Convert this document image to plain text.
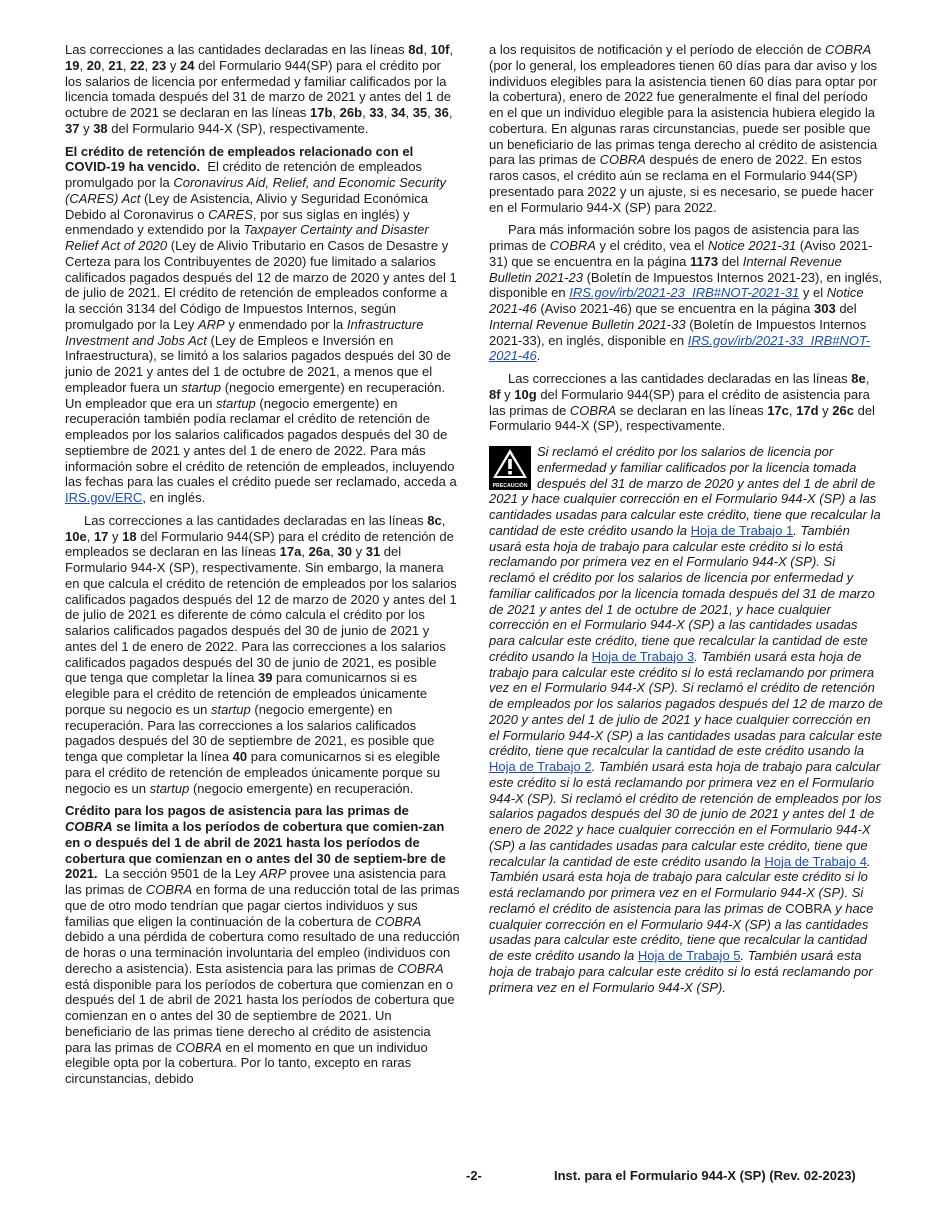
Las correcciones a las cantidades declaradas en las líneas 8d, 10f, 19, 20, 21, 22, 23 y 24 del Formulario 944(SP) para el crédito por los salarios de licencia por enfermedad y familiar calificados por la licencia tomada después del 31 de marzo de 2021 y antes del 1 de octubre de 2021 se declaran en las líneas 17b, 26b, 33, 34, 35, 36, 37 y 38 del Formulario 944-X (SP), respectivamente.

El crédito de retención de empleados relacionado con el COVID-19 ha vencido.  El crédito de retención de empleados promulgado por la Coronavirus Aid, Relief, and Economic Security (CARES) Act (Ley de Asistencia, Alivio y Seguridad Económica Debido al Coronavirus o CARES, por sus siglas en inglés) y enmendado y extendido por la Taxpayer Certainty and Disaster Relief Act of 2020 (Ley de Alivio Tributario en Casos de Desastre y Certeza para los Contribuyentes de 2020) fue limitado a salarios calificados pagados después del 12 de marzo de 2020 y antes del 1 de julio de 2021. El crédito de retención de empleados conforme a la sección 3134 del Código de Impuestos Internos, según promulgado por la Ley ARP y enmendado por la Infrastructure Investment and Jobs Act (Ley de Empleos e Inversión en Infraestructura), se limitó a los salarios pagados después del 30 de junio de 2021 y antes del 1 de octubre de 2021, a menos que el empleador fuera un startup (negocio emergente) en recuperación. Un empleador que era un startup (negocio emergente) en recuperación también podía reclamar el crédito de retención de empleados por los salarios calificados pagados después del 30 de septiembre de 2021 y antes del 1 de enero de 2022. Para más información sobre el crédito de retención de empleados, incluyendo las fechas para las cuales el crédito puede ser reclamado, acceda a IRS.gov/ERC, en inglés.

Las correcciones a las cantidades declaradas en las líneas 8c, 10e, 17 y 18 del Formulario 944(SP) para el crédito de retención de empleados se declaran en las líneas 17a, 26a, 30 y 31 del Formulario 944-X (SP), respectivamente. Sin embargo, la manera en que calcula el crédito de retención de empleados por los salarios calificados pagados después del 12 de marzo de 2020 y antes del 1 de julio de 2021 es diferente de cómo calcula el crédito por los salarios calificados pagados después del 30 de junio de 2021 y antes del 1 de enero de 2022. Para las correcciones a los salarios calificados pagados después del 30 de junio de 2021, es posible que tenga que completar la línea 39 para comunicarnos si es elegible para el crédito de retención de empleados únicamente porque su negocio es un startup (negocio emergente) en recuperación. Para las correcciones a los salarios calificados pagados después del 30 de septiembre de 2021, es posible que tenga que completar la línea 40 para comunicarnos si es elegible para el crédito de retención de empleados únicamente porque su negocio es un startup (negocio emergente) en recuperación.

Crédito para los pagos de asistencia para las primas de COBRA se limita a los períodos de cobertura que comien-zan en o después del 1 de abril de 2021 hasta los períodos de cobertura que comienzan en o antes del 30 de septiem-bre de 2021.  La sección 9501 de la Ley ARP provee una asistencia para las primas de COBRA en forma de una reducción total de las primas que de otro modo tendrían que pagar ciertos individuos y sus familias que eligen la continuación de la cobertura de COBRA debido a una pérdida de cobertura como resultado de una reducción de horas o una terminación involuntaria del empleo (individuos con derecho a asistencia). Esta asistencia para las primas de COBRA está disponible para los períodos de cobertura que comienzan en o después del 1 de abril de 2021 hasta los períodos de cobertura que comienzan en o antes del 30 de septiembre de 2021. Un beneficiario de las primas tiene derecho al crédito de asistencia para las primas de COBRA en el momento en que un individuo elegible opta por la cobertura. Por lo tanto, excepto en raras circunstancias, debido

a los requisitos de notificación y el período de elección de COBRA (por lo general, los empleadores tienen 60 días para dar aviso y los individuos elegibles para la asistencia tienen 60 días para optar por la cobertura), enero de 2022 fue generalmente el final del período en el que un individuo elegible para la asistencia hubiera elegido la cobertura. En algunas raras circunstancias, puede ser posible que un beneficiario de las primas tenga derecho al crédito de asistencia para las primas de COBRA después de enero de 2022. En estos raros casos, el crédito aún se reclama en el Formulario 944(SP) presentado para 2022 y un ajuste, si es necesario, se puede hacer en el Formulario 944-X (SP) para 2022.

Para más información sobre los pagos de asistencia para las primas de COBRA y el crédito, vea el Notice 2021-31 (Aviso 2021-31) que se encuentra en la página 1173 del Internal Revenue Bulletin 2021-23 (Boletín de Impuestos Internos 2021-23), en inglés, disponible en IRS.gov/irb/2021-23_IRB#NOT-2021-31 y el Notice 2021-46 (Aviso 2021-46) que se encuentra en la página 303 del Internal Revenue Bulletin 2021-33 (Boletín de Impuestos Internos 2021-33), en inglés, disponible en IRS.gov/irb/2021-33_IRB#NOT-2021-46.

Las correcciones a las cantidades declaradas en las líneas 8e, 8f y 10g del Formulario 944(SP) para el crédito de asistencia para las primas de COBRA se declaran en las líneas 17c, 17d y 26c del Formulario 944-X (SP), respectivamente.

PRECAUCIÓN

Si reclamó el crédito por los salarios de licencia por enfermedad y familiar calificados por la licencia tomada después del 31 de marzo de 2020 y antes del 1 de abril de 2021 y hace cualquier corrección en el Formulario 944-X (SP) a las cantidades usadas para calcular este crédito, tiene que recalcular la cantidad de este crédito usando la Hoja de Trabajo 1. También usará esta hoja de trabajo para calcular este crédito si lo está reclamando por primera vez en el Formulario 944-X (SP). Si reclamó el crédito por los salarios de licencia por enfermedad y familiar calificados por la licencia tomada después del 31 de marzo de 2021 y antes del 1 de octubre de 2021, y hace cualquier corrección en el Formulario 944-X (SP) a las cantidades usadas para calcular este crédito, tiene que recalcular la cantidad de este crédito usando la Hoja de Trabajo 3. También usará esta hoja de trabajo para calcular este crédito si lo está reclamando por primera vez en el Formulario 944-X (SP). Si reclamó el crédito de retención de empleados por los salarios pagados después del 12 de marzo de 2020 y antes del 1 de julio de 2021 y hace cualquier corrección en el Formulario 944-X (SP) a las cantidades usadas para calcular este crédito, tiene que recalcular la cantidad de este crédito usando la Hoja de Trabajo 2. También usará esta hoja de trabajo para calcular este crédito si lo está reclamando por primera vez en el Formulario 944-X (SP). Si reclamó el crédito de retención de empleados por los salarios pagados después del 30 de junio de 2021 y antes del 1 de enero de 2022 y hace cualquier corrección en el Formulario 944-X (SP) a las cantidades usadas para calcular este crédito, tiene que recalcular la cantidad de este crédito usando la Hoja de Trabajo 4. También usará esta hoja de trabajo para calcular este crédito si lo está reclamando por primera vez en el Formulario 944-X (SP). Si reclamó el crédito de asistencia para las primas de COBRA y hace cualquier corrección en el Formulario 944-X (SP) a las cantidades usadas para calcular este crédito, tiene que recalcular la cantidad de este crédito usando la Hoja de Trabajo 5. También usará esta hoja de trabajo para calcular este crédito si lo está reclamando por primera vez en el Formulario 944-X (SP).

-2-	Inst. para el Formulario 944-X (SP) (Rev. 02-2023)
